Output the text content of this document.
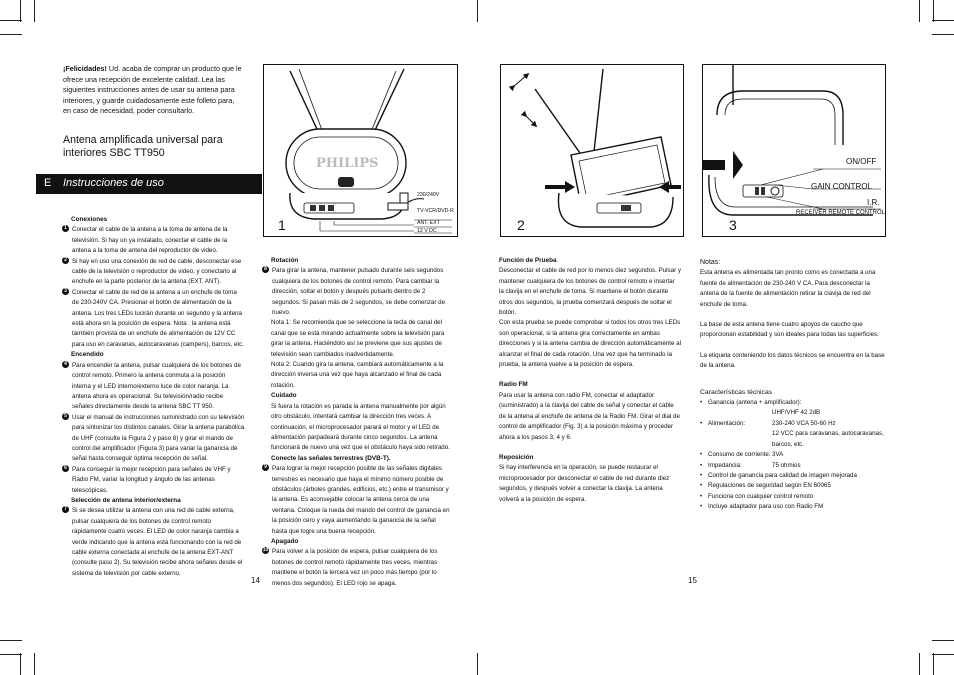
¡Felicidades! Ud. acaba de comprar un producto que le ofrece una recepción de excelente calidad. Lea las siguientes instrucciones antes de usar su antena para interiores, y guarde cuidadosamente este folleto para, en caso de necesidad, poder consultarlo.
Antena amplificada universal para interiores SBC TT950
E Instrucciones de uso
Conexiones
1 Conectar el cable de la antena a la toma de antena de la televisión. Si hay un ya instalado, conectar el cable de la antena a la toma de antena del reproductor de video.
2 Si hay en uso una conexión de red de cable, desconectar ese cable de la televisión o reproductor de video, y conectarlo al enchufe en la parte posterior de la antena (EXT. ANT).
3 Conectar el cable de red de la antena a un enchufe de toma de 230-240V CA. Presionar el botón de alimentación de la antena. Los tres LEDs lucirán durante un segundo y la antena está ahora en la posición de espera. Nota : la antena está también provista de un enchufe de alimentación de 12V CC para uso en caravanas, autocaravanas (campers), barcos, etc.
Encendido
4 Para encender la antena, pulsar cualquiera de los botones de control remoto. Primero la antena conmuta a la posición interna y el LED interno/externo luce de color naranja. La antena ahora es operacional. Su televisión/radio recibe señales directamente desde la antena SBC TT 950.
5 Usar el manual de instrucciones suministrado con su televisión para sintonizar los distintos canales. Girar la antena parabólica de UHF (consulte la Figura 2 y paso 8) y girar el mando de control del amplificador (Figura 3) para variar la ganancia de señal hasta conseguir óptima recepción de señal.
6 Para conseguir la mejor recepción para señales de VHF y Radio FM, variar la longitud y ángulo de las antenas telescópicas.
Selección de antena interior/externa
7 Si se desea utilizar la antena con una red de cable externa, pulsar cualquiera de los botones de control remoto rápidamente cuatro veces. El LED de color naranja cambia a verde indicando que la antena está funcionando con la red de cable externa conectada al enchufe de la antena EXT-ANT (consulte paso 2). Su televisión recibe ahora señales desde el sistema de televisión por cable externo.
PHILIPS
1
230/240V
TV-VCR/DVD-R
ANT. EXT
12 V DC
Rotación
8 Para girar la antena, mantener pulsado durante seis segundos cualquiera de los botones de control remoto. Para cambiar la dirección, soltar el botón y después pulsarlo dentro de 2 segundos. Si pasan más de 2 segundos, se debe comenzar de nuevo.

Nota 1: Se recomienda que se seleccione la tecla de canal del canal que se está mirando actualmente sobre la televisión para girar la antena. Haciéndolo así se previene que sus ajustes de televisión sean cambiados inadvertidamente.

Nota 2: Cuando gira la antena, cambiará automáticamente a la dirección inversa una vez que haya alcanzado el final de cada rotación.

Cuidado

Si fuera la rotación es parada la antena manualmente por algún otro obstáculo, intentará cambiar la dirección tres veces. A continuación, el microprocesador parará el motor y el LED de alimentación parpadeará durante cinco segundos. La antena funcionará de nuevo una vez que el obstáculo haya sido retirado.

Conecte las señales terrestres (DVB-T).
9 Para lograr la mejor recepción posible de las señales digitales terrestres es necesario que haya el mínimo número posible de obstáculos (árboles grandes, edificios, etc.) entre el transmisor y la antena. Es aconsejable colocar la antena cerca de una ventana. Coloque la rueda del mando del control de ganancia en la posición cero y vaya aumentando la ganancia de la señal hasta que logre una buena recepción.
Apagado
10 Para volver a la posición de espera, pulsar cualquiera de los botones de control remoto rápidamente tres veces, mientras mantiene el botón la tercera vez un poco más tiempo (por lo menos dos segundos). El LED rojo se apaga.
14
2	3
ON/OFF
GAIN CONTROL
I.R.
RECEIVER REMOTE CONTROL
Función de Prueba

Desconectar el cable de red por lo menos diez segundos. Pulsar y mantener cualquiera de los botones de control remoto e insertar la clavija en el enchufe de toma. Si mantiene el botón durante otros dos segundos, la prueba comenzará después de soltar el botón.

Con esta prueba se puede comprobar si todos los otros tres LEDs son operacional, si la antena gira correctamente en ambas direcciones y si la antena cambia de dirección automáticamente al alcanzar el final de cada rotación. Una vez que ha terminado la prueba, la antena vuelve a la posición de espera.

Radio FM

Para usar la antena con radio FM, conectar el adaptador (suministrado) a la clavija del cable de señal y conectar el cable de la antena al enchufe de antena de la Radio FM. Girar el dial de control de amplificador (Fig. 3) a la posición máxima y proceder ahora a los pasos 3, 4 y 6.

Reposición

Si hay interferencia en la operación, se puede restaurar el microprocesador por desconectar el cable de red durante diez segundos, y después volver a conectar la clavija. La antena volverá a la posición de espera.

Notas:

Esta antena es alimentada tan pronto como es conectada a una fuente de alimentación de 230-240 V CA. Para desconectar la antena de la fuente de alimentación retirar la clavija de red del enchufe de toma.

La base de esta antena tiene cuatro apoyos de caucho que proporcionan estabilidad y son ideales para todas las superficies.

La etiqueta conteniendo los datos técnicos se encuentra en la base de la antena.

Características técnicas
•	Ganancia (antena + amplificador):	
		UHF/VHF 42 2dB
•	Alimentación:	230-240 VCA 50-60 Hz
		12 VCC para caravanas, autocaravanas, barcos, etc.
•	Consumo de corriente:	3VA
•	Impedancia:	75 ohmios
•	Control de ganancia para calidad de imagen mejorada	
•	Regulaciones de seguridad según EN 60065	
•	Funciona con cualquier control remoto	
•	Incluye adaptador para uso con Radio FM	
15
